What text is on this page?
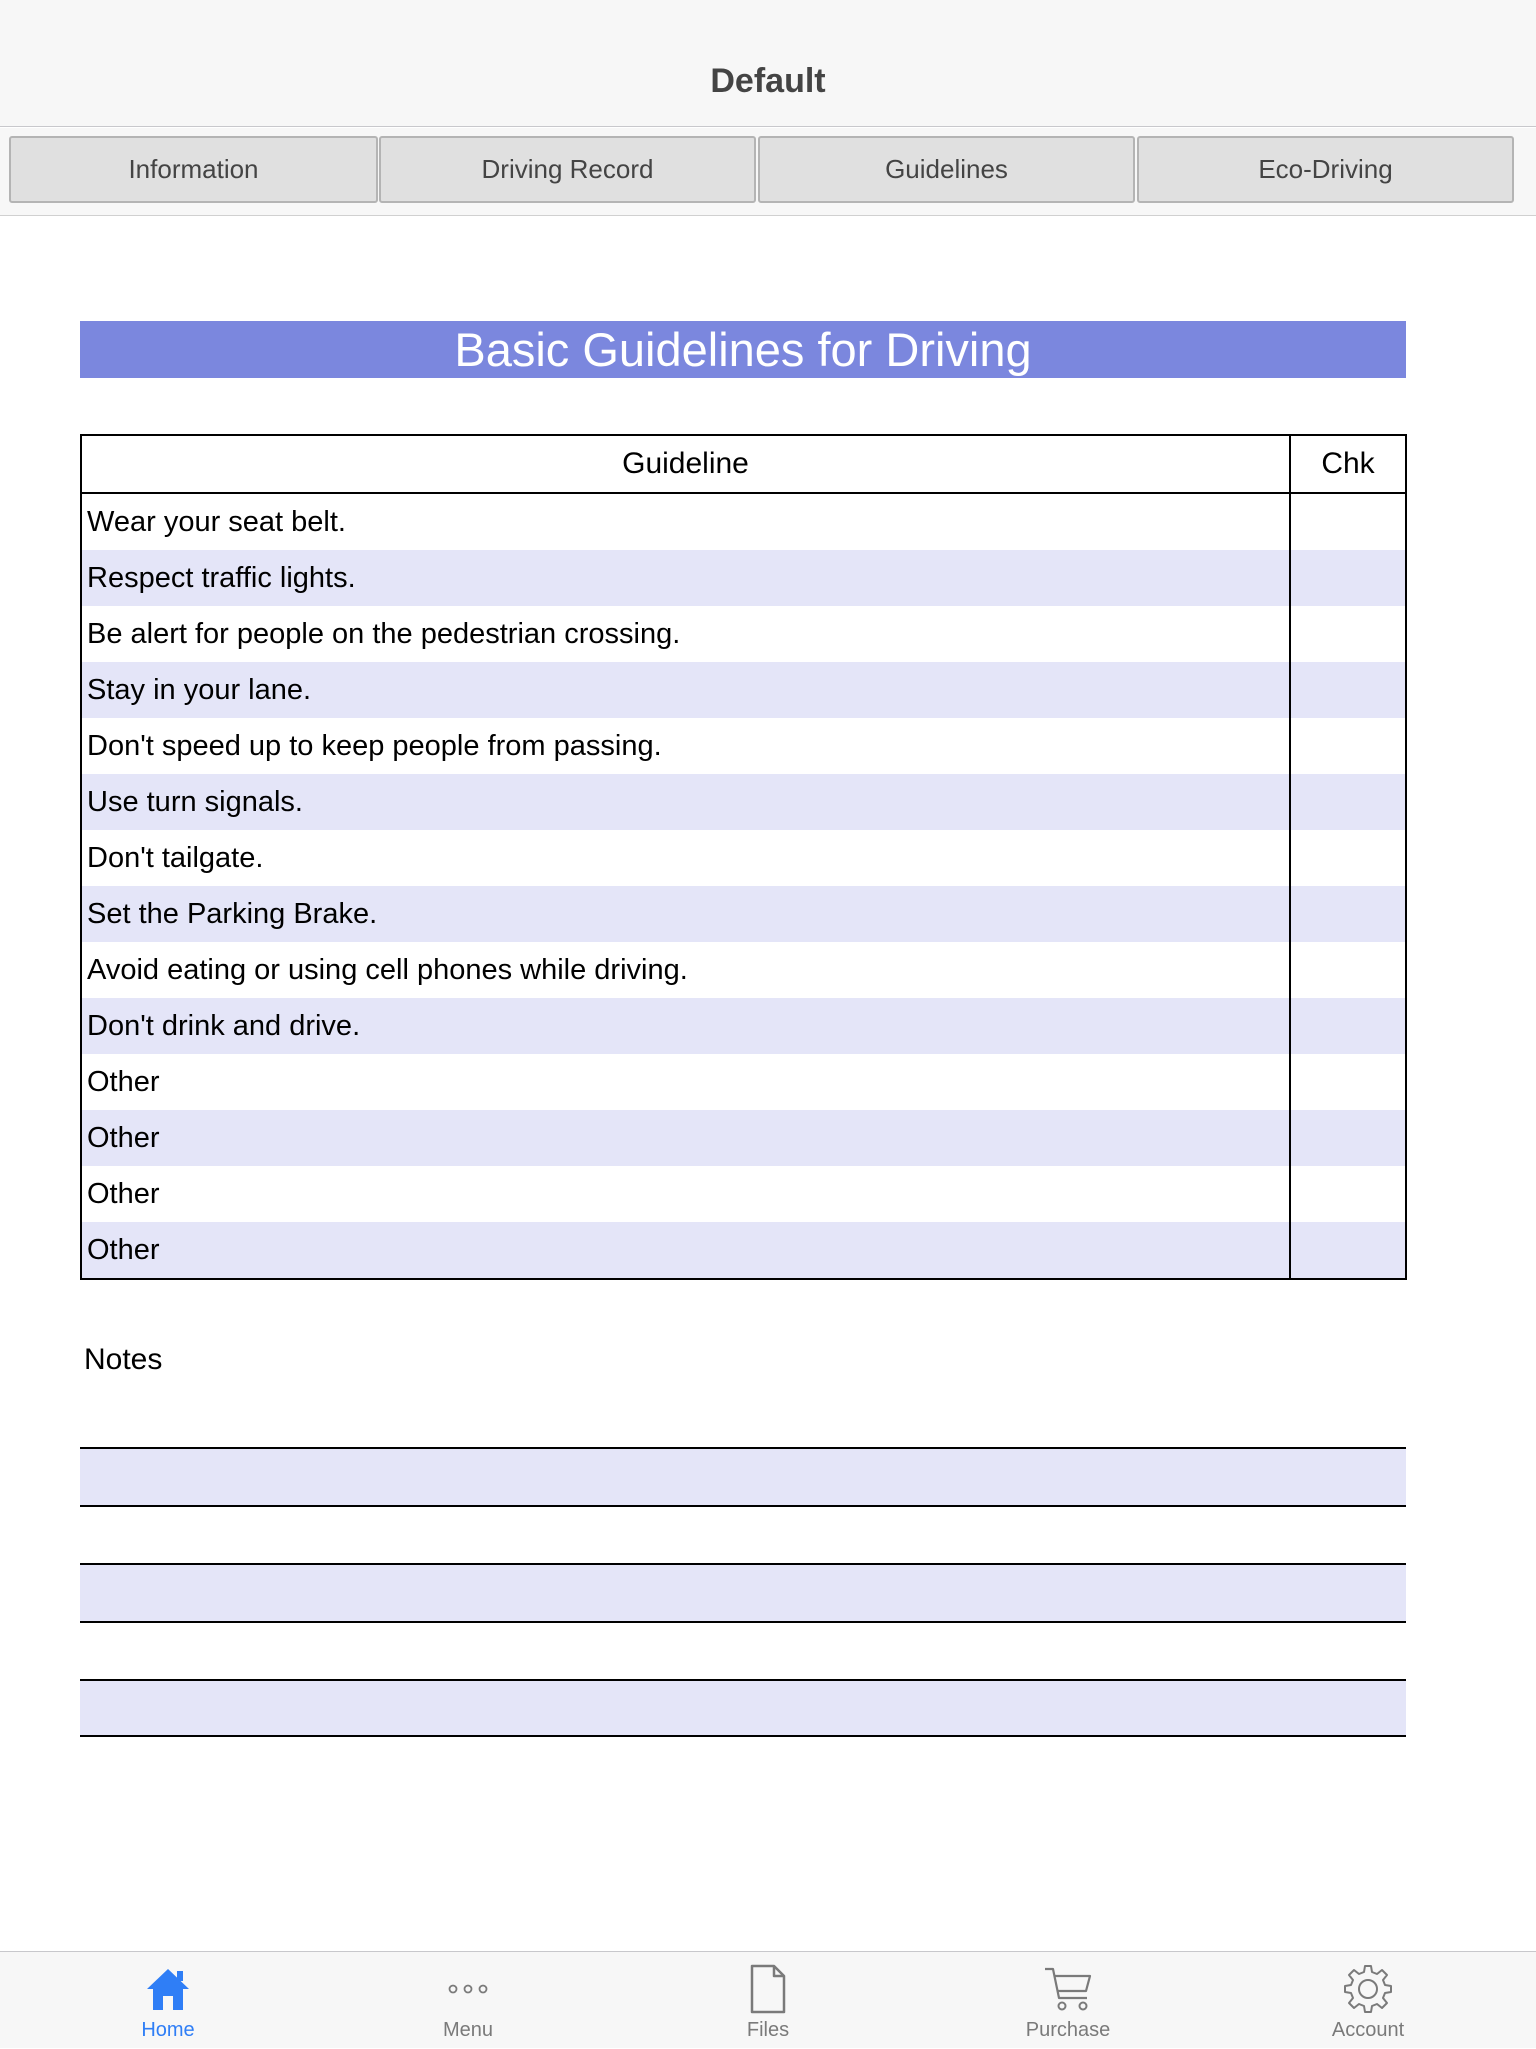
Default
Information	Driving Record	Guidelines	Eco-Driving
Basic Guidelines for Driving
Guideline	Chk
Wear your seat belt.
Respect traffic lights.
Be alert for people on the pedestrian crossing.
Stay in your lane.
Don't speed up to keep people from passing.
Use turn signals.
Don't tailgate.
Set the Parking Brake.
Avoid eating or using cell phones while driving.
Don't drink and drive.
Other
Other
Other
Other
Notes
Home	Menu	Files	Purchase	Account
